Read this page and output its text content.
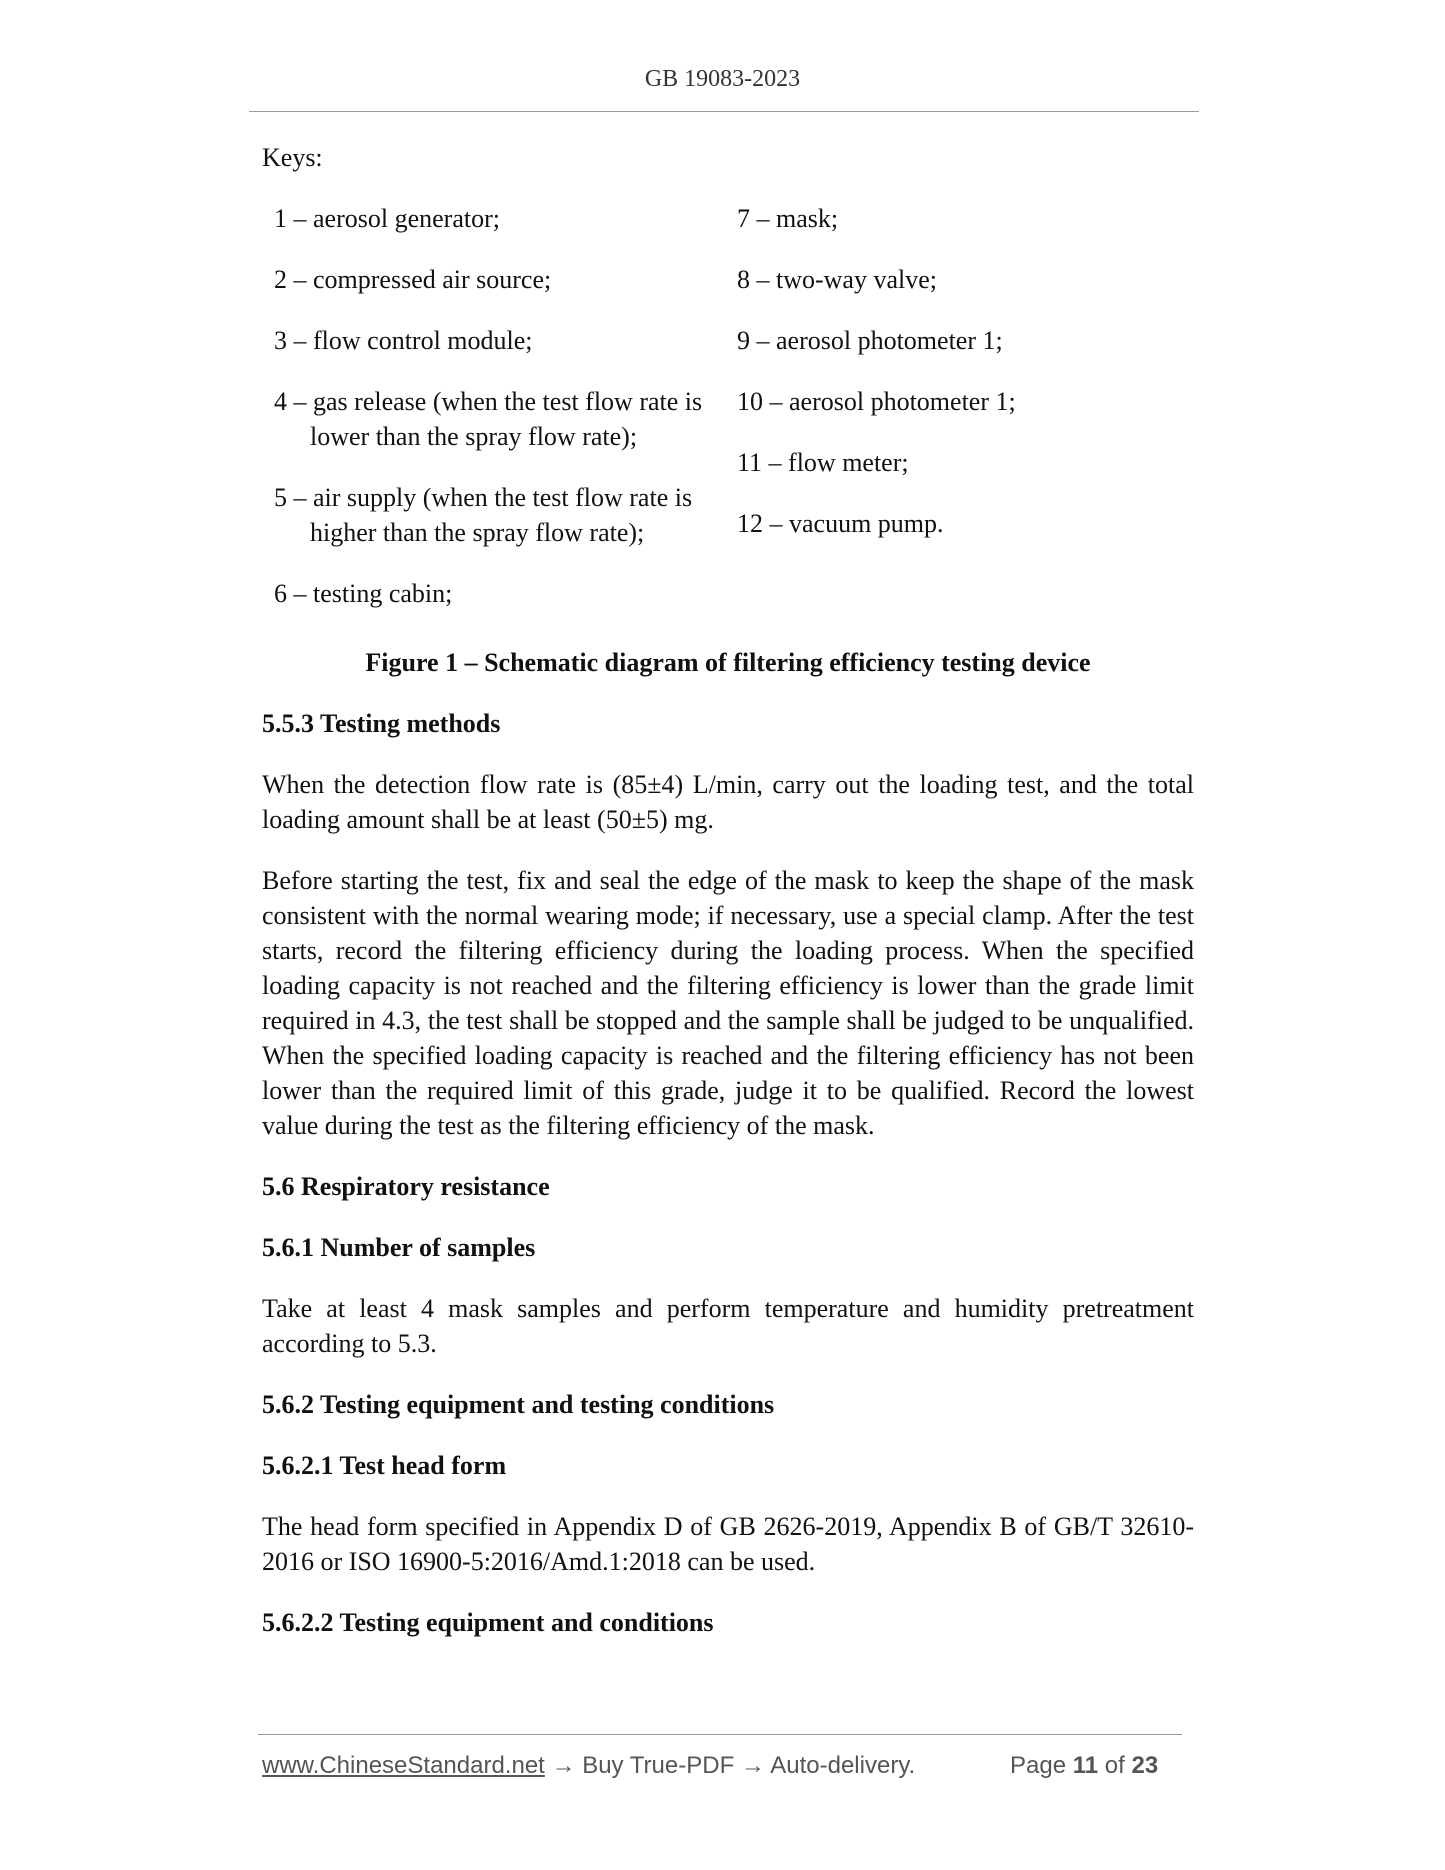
GB 19083-2023
Keys:
1 – aerosol generator;
2 – compressed air source;
3 – flow control module;
4 – gas release (when the test flow rate is lower than the spray flow rate);
5 – air supply (when the test flow rate is higher than the spray flow rate);
6 – testing cabin;
7 – mask;
8 – two-way valve;
9 – aerosol photometer 1;
10 – aerosol photometer 1;
11 – flow meter;
12 – vacuum pump.
Figure 1 – Schematic diagram of filtering efficiency testing device
5.5.3 Testing methods
When the detection flow rate is (85±4) L/min, carry out the loading test, and the total loading amount shall be at least (50±5) mg.
Before starting the test, fix and seal the edge of the mask to keep the shape of the mask consistent with the normal wearing mode; if necessary, use a special clamp. After the test starts, record the filtering efficiency during the loading process. When the specified loading capacity is not reached and the filtering efficiency is lower than the grade limit required in 4.3, the test shall be stopped and the sample shall be judged to be unqualified. When the specified loading capacity is reached and the filtering efficiency has not been lower than the required limit of this grade, judge it to be qualified. Record the lowest value during the test as the filtering efficiency of the mask.
5.6 Respiratory resistance
5.6.1 Number of samples
Take at least 4 mask samples and perform temperature and humidity pretreatment according to 5.3.
5.6.2 Testing equipment and testing conditions
5.6.2.1 Test head form
The head form specified in Appendix D of GB 2626-2019, Appendix B of GB/T 32610-2016 or ISO 16900-5:2016/Amd.1:2018 can be used.
5.6.2.2 Testing equipment and conditions
www.ChineseStandard.net → Buy True-PDF → Auto-delivery.	Page 11 of 23
